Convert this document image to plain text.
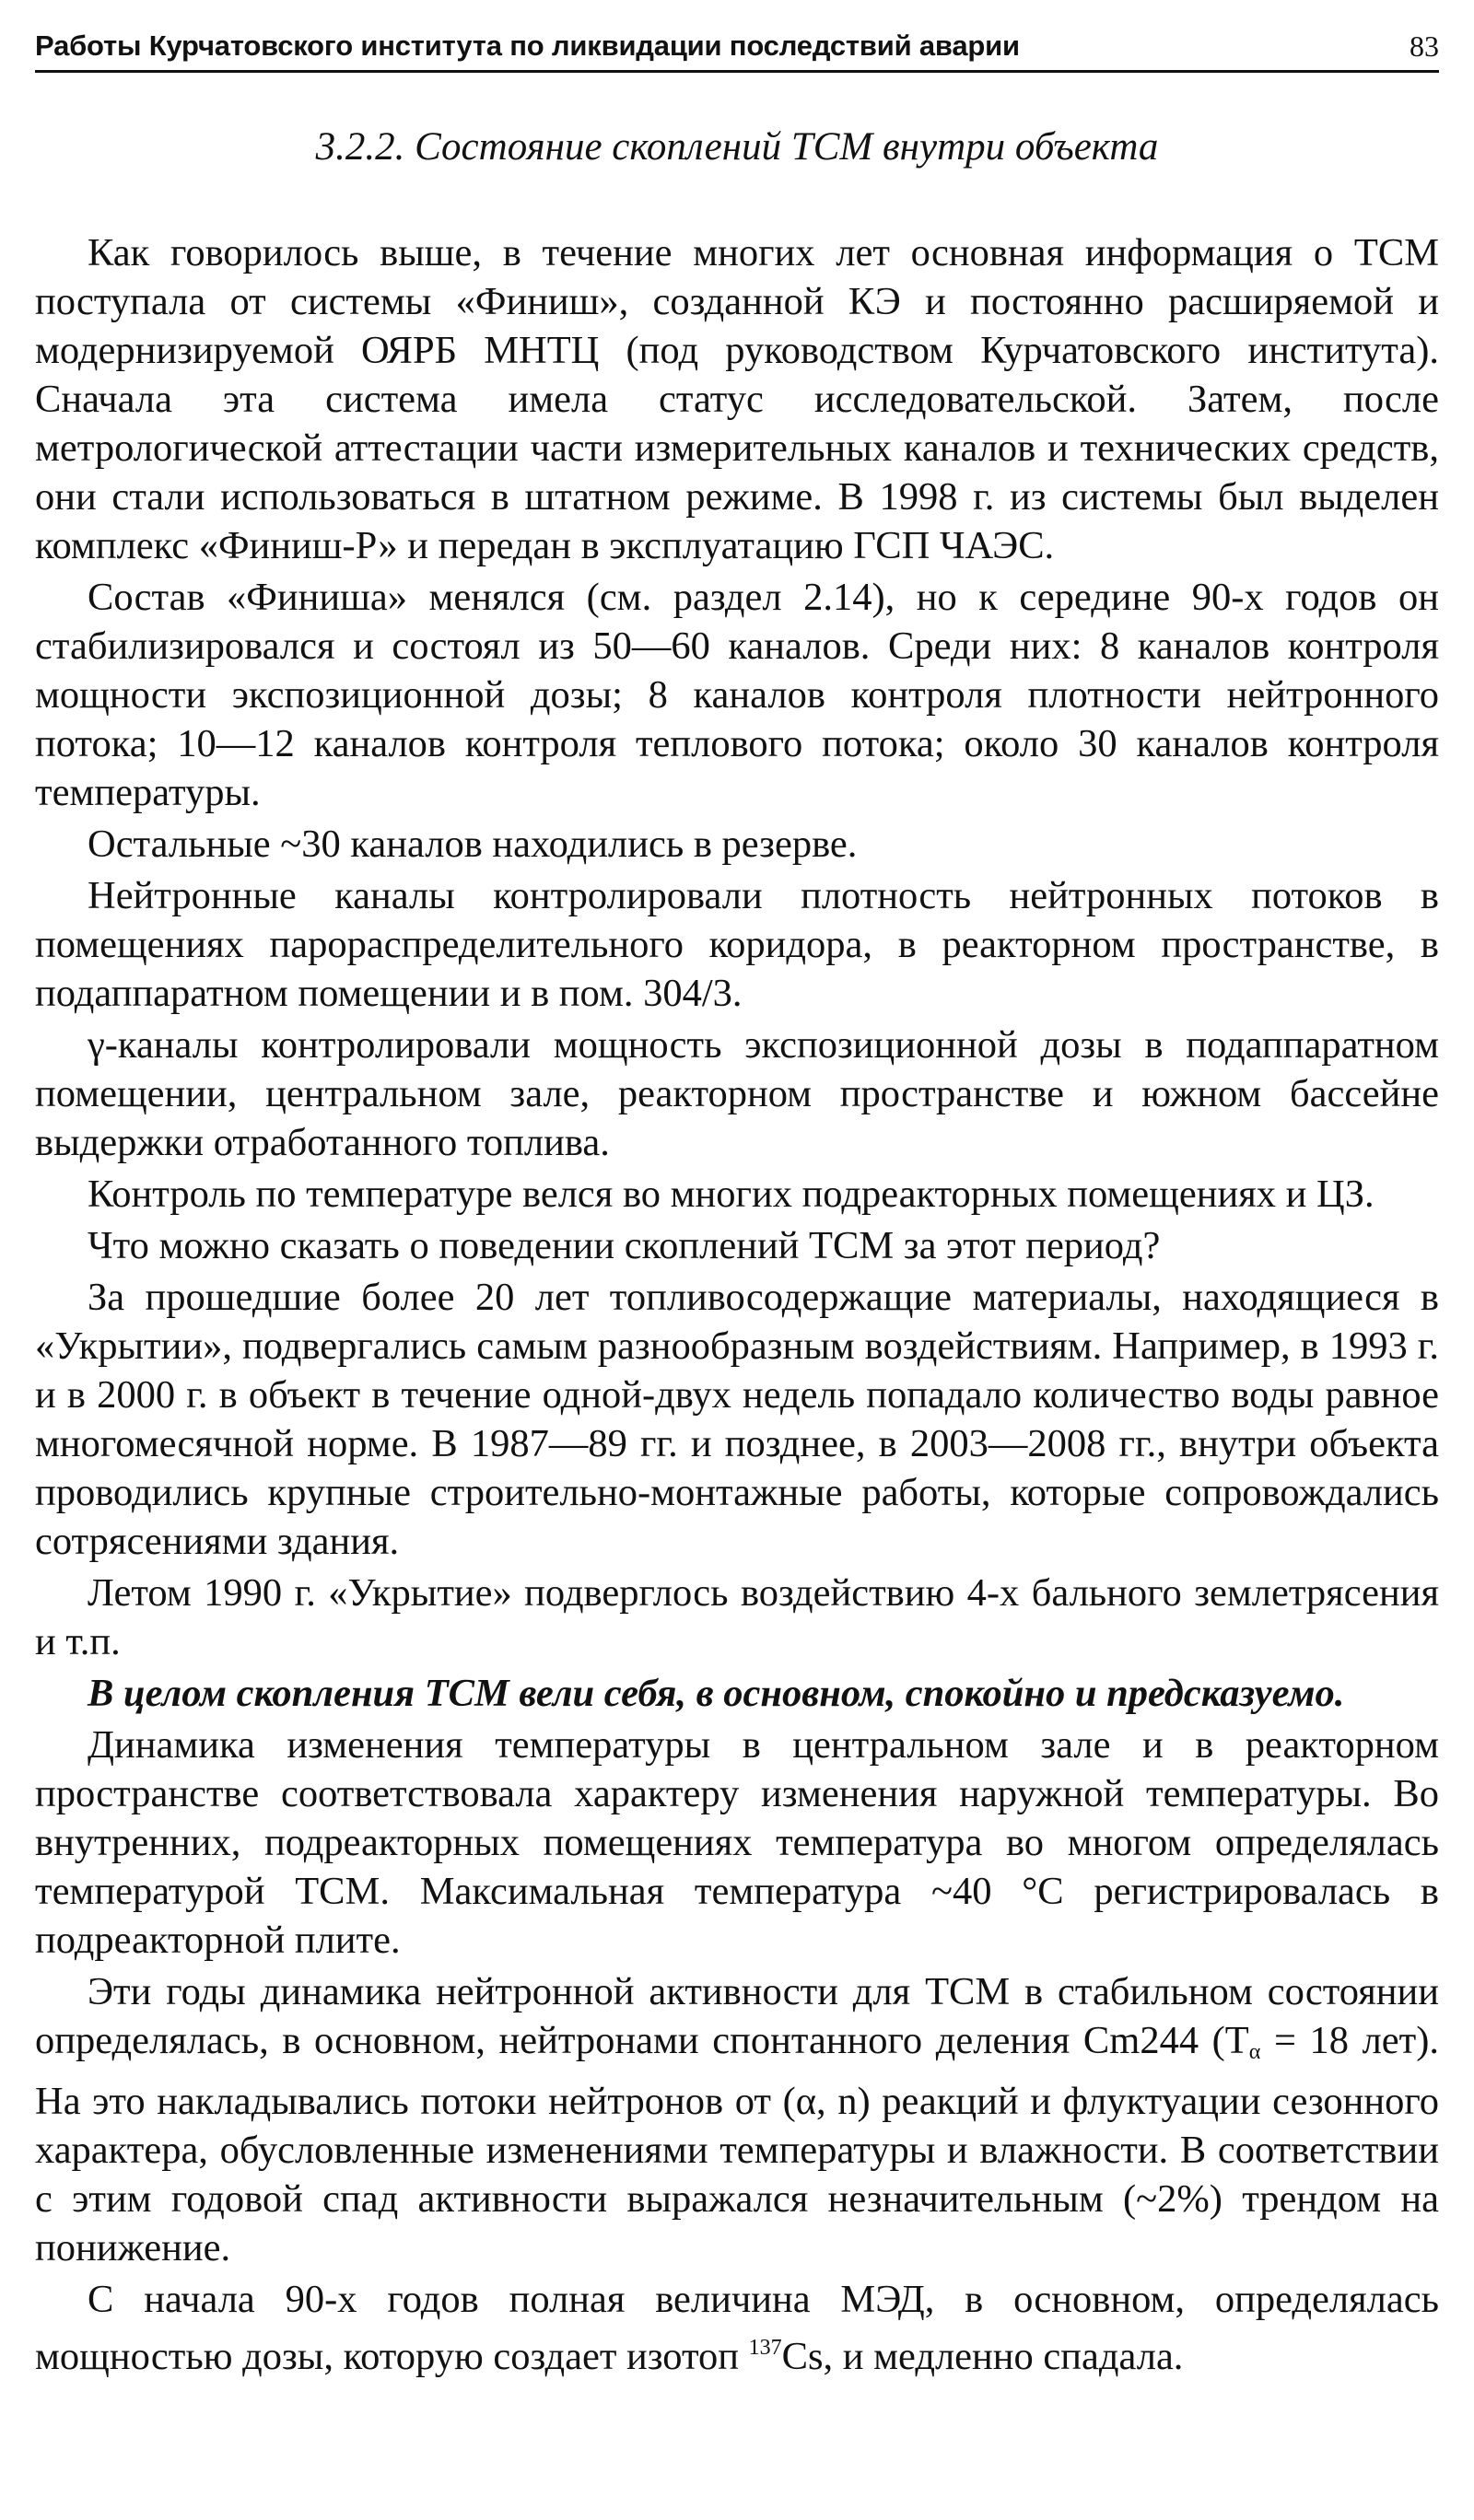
Работы Курчатовского института по ликвидации последствий аварии	83
3.2.2. Состояние скоплений ТСМ внутри объекта

Как говорилось выше, в течение многих лет основная информация о ТСМ поступала от системы «Финиш», созданной КЭ и постоянно расширяемой и модернизируемой ОЯРБ МНТЦ (под руководством Курчатовского института). Сначала эта система имела статус исследовательской. Затем, после метрологической аттестации части измерительных каналов и технических средств, они стали использоваться в штатном режиме. В 1998 г. из системы был выделен комплекс «Финиш-Р» и передан в эксплуатацию ГСП ЧАЭС.

Состав «Финиша» менялся (см. раздел 2.14), но к середине 90-х годов он стабилизировался и состоял из 50—60 каналов. Среди них: 8 каналов контроля мощности экспозиционной дозы; 8 каналов контроля плотности нейтронного потока; 10—12 каналов контроля теплового потока; около 30 каналов контроля температуры.

Остальные ~30 каналов находились в резерве.

Нейтронные каналы контролировали плотность нейтронных потоков в помещениях парораспределительного коридора, в реакторном пространстве, в подаппаратном помещении и в пом. 304/3.

γ-каналы контролировали мощность экспозиционной дозы в подаппаратном помещении, центральном зале, реакторном пространстве и южном бассейне выдержки отработанного топлива.

Контроль по температуре велся во многих подреакторных помещениях и ЦЗ.

Что можно сказать о поведении скоплений ТСМ за этот период?

За прошедшие более 20 лет топливосодержащие материалы, находящиеся в «Укрытии», подвергались самым разнообразным воздействиям. Например, в 1993 г. и в 2000 г. в объект в течение одной-двух недель попадало количество воды равное многомесячной норме. В 1987—89 гг. и позднее, в 2003—2008 гг., внутри объекта проводились крупные строительно-монтажные работы, которые сопровождались сотрясениями здания.

Летом 1990 г. «Укрытие» подверглось воздействию 4-х бального землетрясения и т.п.

В целом скопления ТСМ вели себя, в основном, спокойно и предсказуемо.

Динамика изменения температуры в центральном зале и в реакторном пространстве соответствовала характеру изменения наружной температуры. Во внутренних, подреакторных помещениях температура во многом определялась температурой ТСМ. Максимальная температура ~40 °C регистрировалась в подреакторной плите.

Эти годы динамика нейтронной активности для ТСМ в стабильном состоянии определялась, в основном, нейтронами спонтанного деления Cm244 ($T_\alpha = 18$ лет). На это накладывались потоки нейтронов от (α, n) реакций и флуктуации сезонного характера, обусловленные изменениями температуры и влажности. В соответствии с этим годовой спад активности выражался незначительным (~2%) трендом на понижение.

С начала 90-х годов полная величина МЭД, в основном, определялась мощностью дозы, которую создает изотоп $^{137}$Cs, и медленно спадала.
